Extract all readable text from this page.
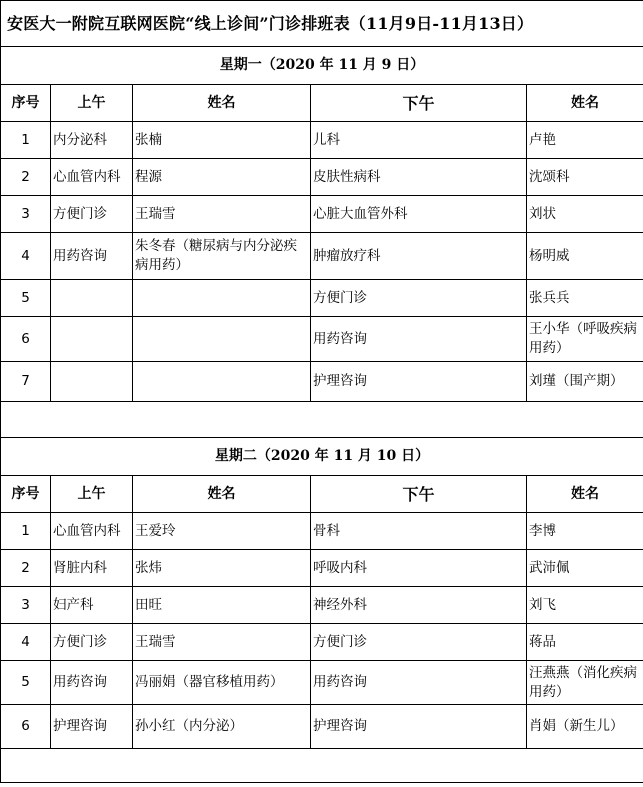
安医大一附院互联网医院“线上诊间”门诊排班表（11月9日-11月13日）				
星期一（2020 年 11 月 9 日）				
序号	上午	姓名	下午	姓名
1	内分泌科	张楠	儿科	卢艳
2	心血管内科	程源	皮肤性病科	沈颂科
3	方便门诊	王瑞雪	心脏大血管外科	刘状
4	用药咨询	朱冬春（糖尿病与内分泌疾病用药）	肿瘤放疗科	杨明威
5			方便门诊	张兵兵
6			用药咨询	王小华（呼吸疾病用药）
7			护理咨询	刘瑾（围产期）

星期二（2020 年 11 月 10 日）				
序号	上午	姓名	下午	姓名
1	心血管内科	王爱玲	骨科	李博
2	肾脏内科	张炜	呼吸内科	武沛佩
3	妇产科	田旺	神经外科	刘飞
4	方便门诊	王瑞雪	方便门诊	蒋品
5	用药咨询	冯丽娟（器官移植用药）	用药咨询	汪燕燕（消化疾病用药）
6	护理咨询	孙小红（内分泌）	护理咨询	肖娟（新生儿）
